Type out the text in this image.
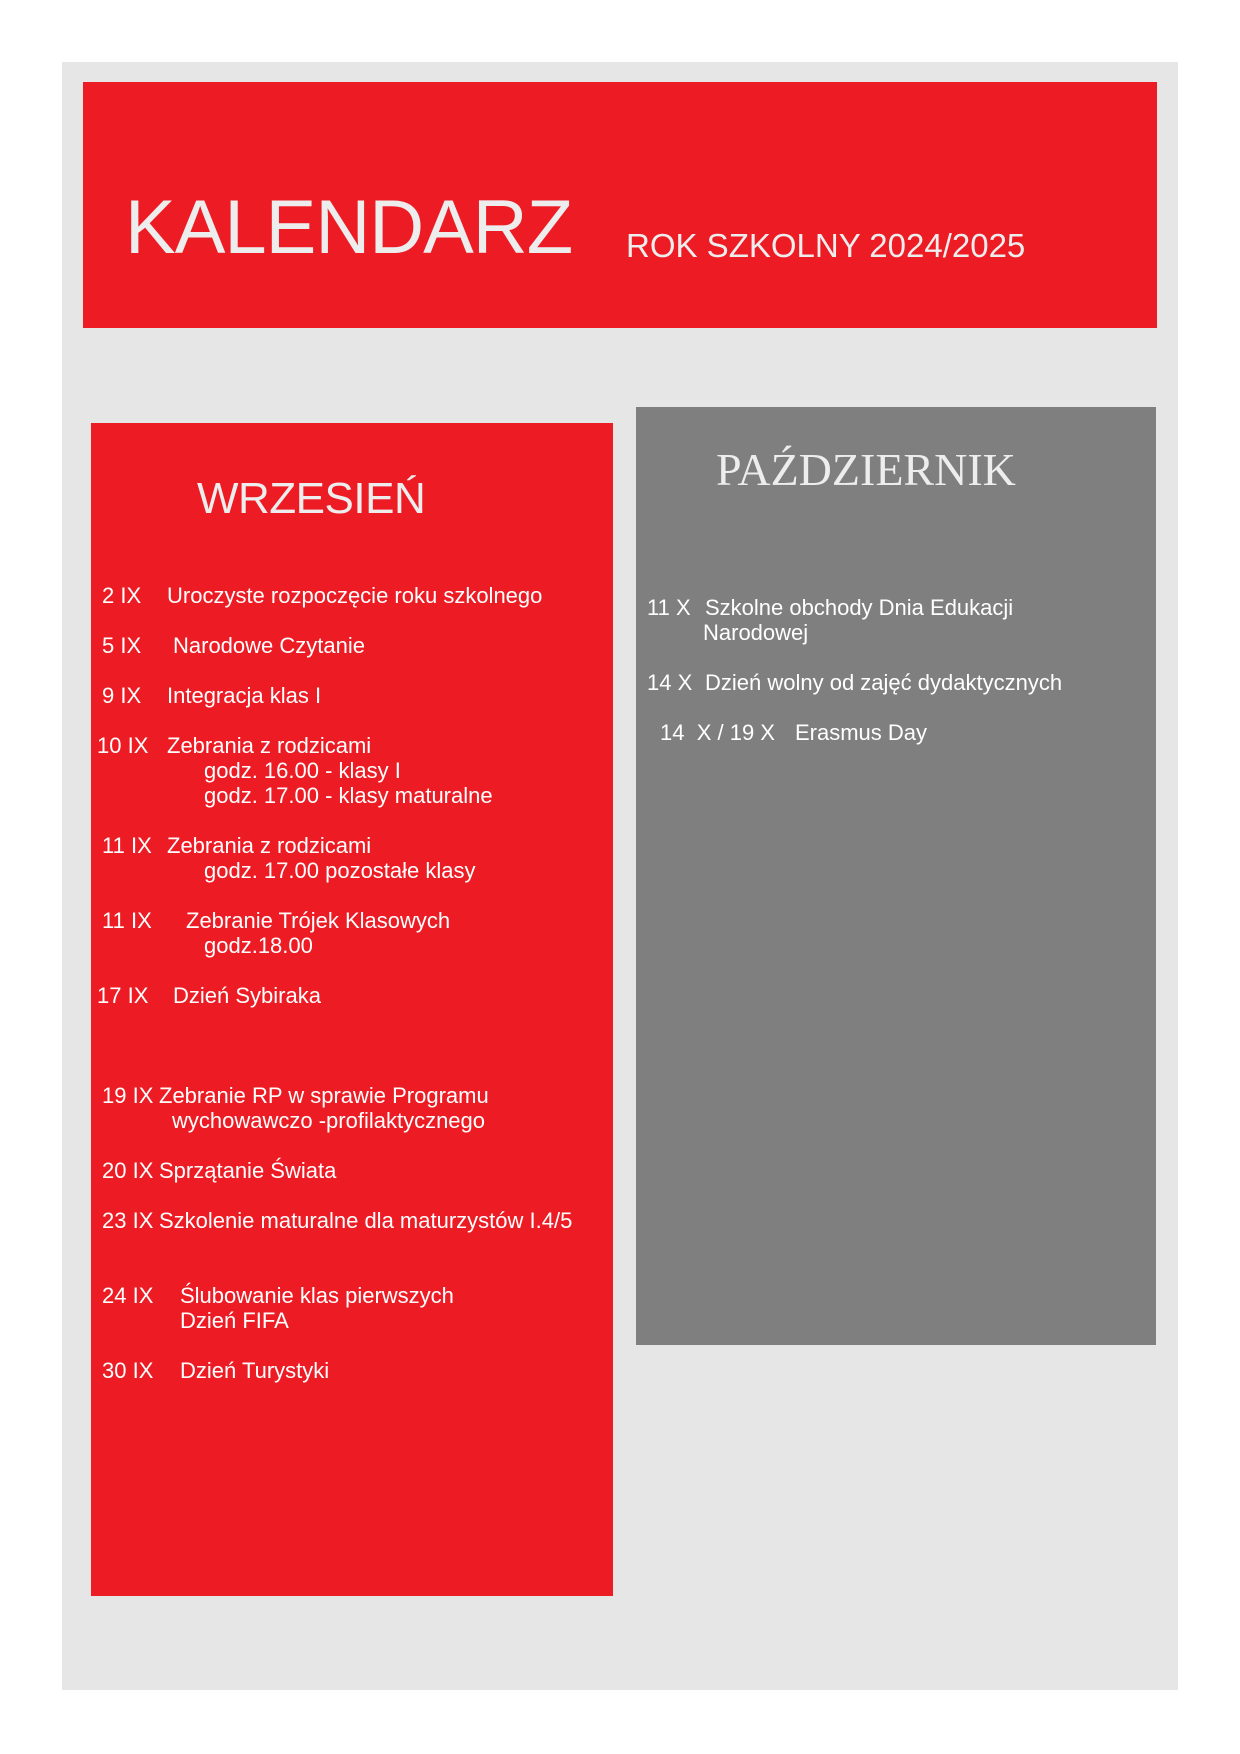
KALENDARZ ROK SZKOLNY 2024/2025
WRZESIEŃ
2 IX Uroczyste rozpoczęcie roku szkolnego
5 IX Narodowe Czytanie
9 IX Integracja klas I
10 IX Zebrania z rodzicami
godz. 16.00 - klasy I
godz. 17.00 - klasy maturalne
11 IX Zebrania z rodzicami
godz. 17.00 pozostałe klasy
11 IX Zebranie Trójek Klasowych
godz.18.00
17 IX Dzień Sybiraka
19 IX Zebranie RP w sprawie Programu
wychowawczo -profilaktycznego
20 IX Sprzątanie Świata
23 IX Szkolenie maturalne dla maturzystów I.4/5
24 IX Ślubowanie klas pierwszych
Dzień FIFA
30 IX Dzień Turystyki
PAŹDZIERNIK
11 X Szkolne obchody Dnia Edukacji
Narodowej
14 X Dzień wolny od zajęć dydaktycznych
14  X / 19 X Erasmus Day
